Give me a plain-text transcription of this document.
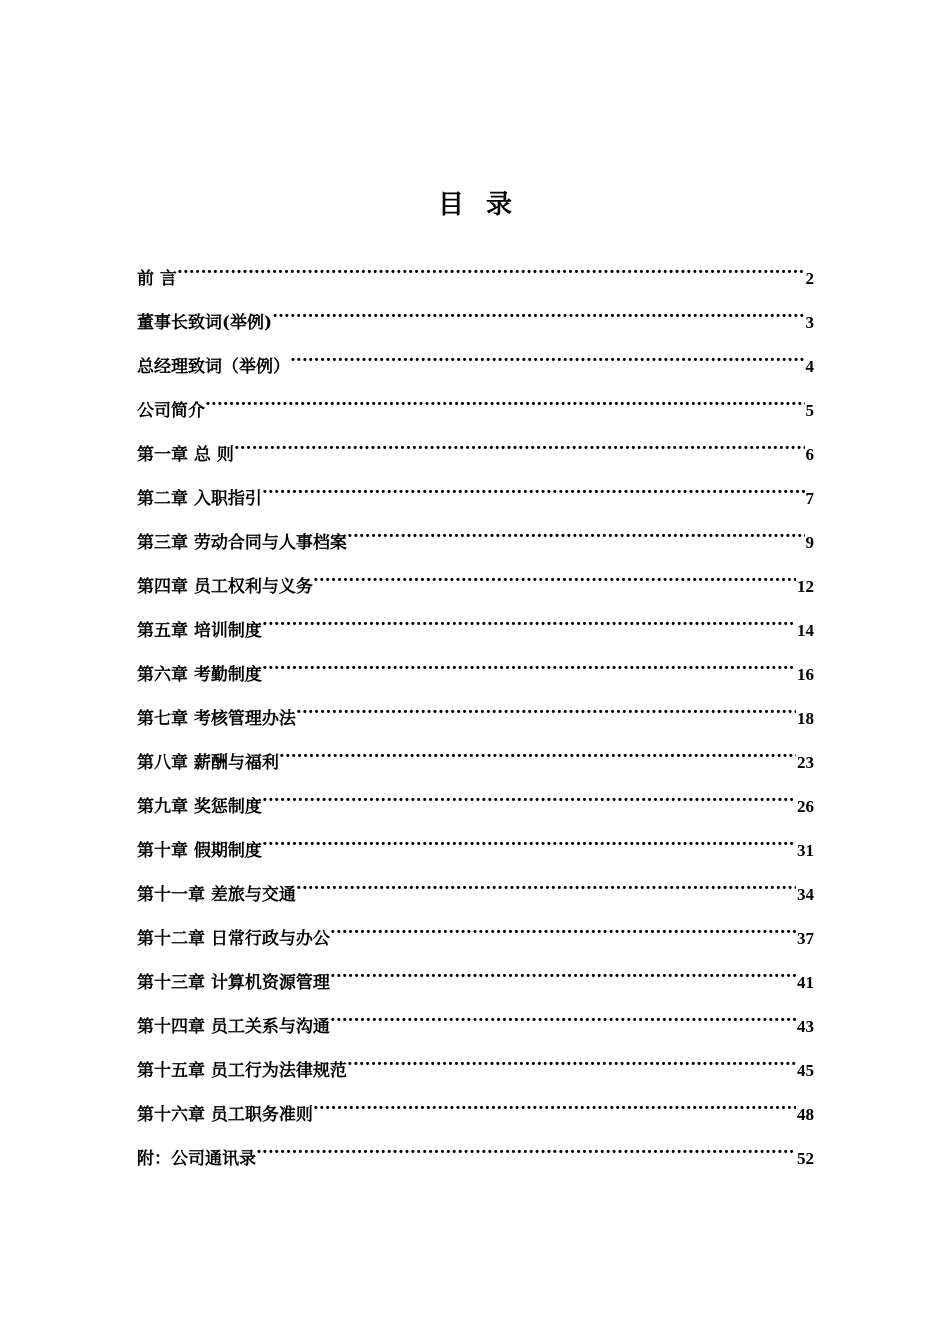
目录
前 言 .....	2
董事长致词(举例) .....	3
总经理致词（举例） .....	4
公司简介 .....	5
第一章 总 则 .....	6
第二章 入职指引 .....	7
第三章 劳动合同与人事档案 .....	9
第四章 员工权利与义务 .....	12
第五章 培训制度 .....	14
第六章 考勤制度 .....	16
第七章 考核管理办法 .....	18
第八章 薪酬与福利 .....	23
第九章 奖惩制度 .....	26
第十章 假期制度 .....	31
第十一章 差旅与交通 .....	34
第十二章 日常行政与办公 .....	37
第十三章 计算机资源管理 .....	41
第十四章 员工关系与沟通 .....	43
第十五章 员工行为法律规范 .....	45
第十六章 员工职务准则 .....	48
附：公司通讯录 .....	52
